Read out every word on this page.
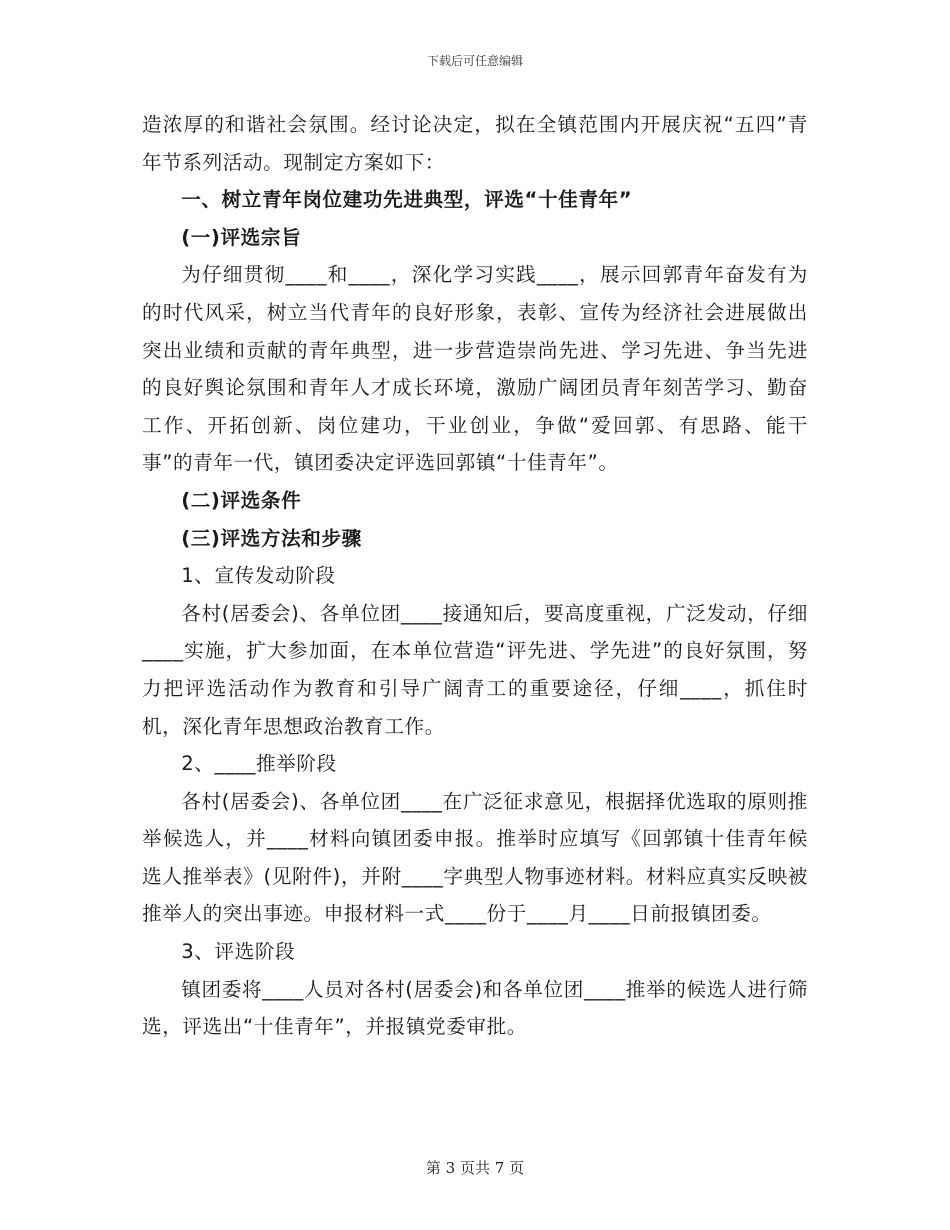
下载后可任意编辑

造浓厚的和谐社会氛围。经讨论决定，拟在全镇范围内开展庆祝“五四”青年节系列活动。现制定方案如下：

一、树立青年岗位建功先进典型，评选“十佳青年”

(一)评选宗旨

为仔细贯彻____和____，深化学习实践____，展示回郭青年奋发有为的时代风采，树立当代青年的良好形象，表彰、宣传为经济社会进展做出突出业绩和贡献的青年典型，进一步营造崇尚先进、学习先进、争当先进的良好舆论氛围和青年人才成长环境，激励广阔团员青年刻苦学习、勤奋工作、开拓创新、岗位建功，干业创业，争做“爱回郭、有思路、能干事”的青年一代，镇团委决定评选回郭镇“十佳青年”。

(二)评选条件

(三)评选方法和步骤

1、宣传发动阶段

各村(居委会)、各单位团____接通知后，要高度重视，广泛发动，仔细____实施，扩大参加面，在本单位营造“评先进、学先进”的良好氛围，努力把评选活动作为教育和引导广阔青工的重要途径，仔细____，抓住时机，深化青年思想政治教育工作。

2、____推举阶段

各村(居委会)、各单位团____在广泛征求意见，根据择优选取的原则推举候选人，并____材料向镇团委申报。推举时应填写《回郭镇十佳青年候选人推举表》(见附件)，并附____字典型人物事迹材料。材料应真实反映被推举人的突出事迹。申报材料一式____份于____月____日前报镇团委。

3、评选阶段

镇团委将____人员对各村(居委会)和各单位团____推举的候选人进行筛选，评选出“十佳青年”，并报镇党委审批。

第 3 页共 7 页
